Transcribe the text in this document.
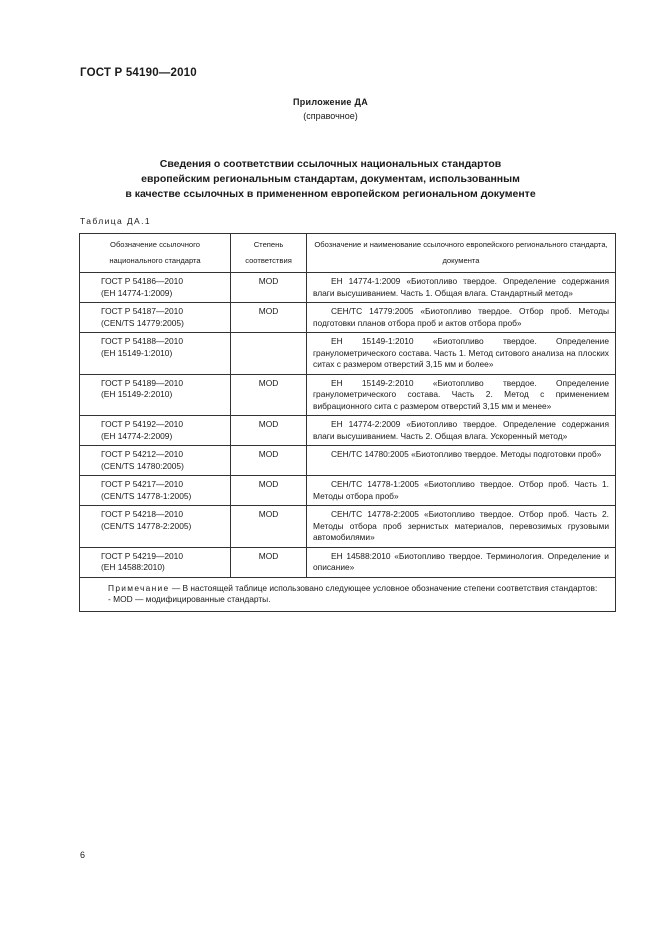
ГОСТ Р 54190—2010
Приложение ДА
(справочное)
Сведения о соответствии ссылочных национальных стандартов
европейским региональным стандартам, документам, использованным
в качестве ссылочных в примененном европейском региональном документе
Таблица ДА.1
Обозначение ссылочного национального стандарта	Степень соответствия	Обозначение и наименование ссылочного европейского регионального стандарта, документа

ГОСТ Р 54186—2010
(ЕН 14774-1:2009)	MOD	ЕН 14774-1:2009 «Биотопливо твердое. Определение содержания влаги высушиванием. Часть 1. Общая влага. Стандартный метод»

ГОСТ Р 54187—2010
(CEN/TS 14779:2005)	MOD	CEH/TC 14779:2005 «Биотопливо твердое. Отбор проб. Методы подготовки планов отбора проб и актов отбора проб»

ГОСТ Р 54188—2010
(ЕН 15149-1:2010)		ЕН 15149-1:2010 «Биотопливо твердое. Определение гранулометрического состава. Часть 1. Метод ситового анализа на плоских ситах с размером отверстий 3,15 мм и более»

ГОСТ Р 54189—2010
(ЕН 15149-2:2010)	MOD	ЕН 15149-2:2010 «Биотопливо твердое. Определение гранулометрического состава. Часть 2. Метод с применением вибрационного сита с размером отверстий 3,15 мм и менее»

ГОСТ Р 54192—2010
(ЕН 14774-2:2009)	MOD	ЕН 14774-2:2009 «Биотопливо твердое. Определение содержания влаги высушиванием. Часть 2. Общая влага. Ускоренный метод»

ГОСТ Р 54212—2010
(CEN/TS 14780:2005)	MOD	СЕН/ТС 14780:2005 «Биотопливо твердое. Методы подготовки проб»

ГОСТ Р 54217—2010
(CEN/TS 14778-1:2005)	MOD	СЕН/ТС 14778-1:2005 «Биотопливо твердое. Отбор проб. Часть 1. Методы отбора проб»

ГОСТ Р 54218—2010
(CEN/TS 14778-2:2005)	MOD	СЕН/ТС 14778-2:2005 «Биотопливо твердое. Отбор проб. Часть 2. Методы отбора проб зернистых материалов, перевозимых грузовыми автомобилями»

ГОСТ Р 54219—2010
(ЕН 14588:2010)	MOD	ЕН 14588:2010 «Биотопливо твердое. Терминология. Определение и описание»

Примечание — В настоящей таблице использовано следующее условное обозначение степени соответствия стандартов:
- MOD — модифицированные стандарты.		
6
